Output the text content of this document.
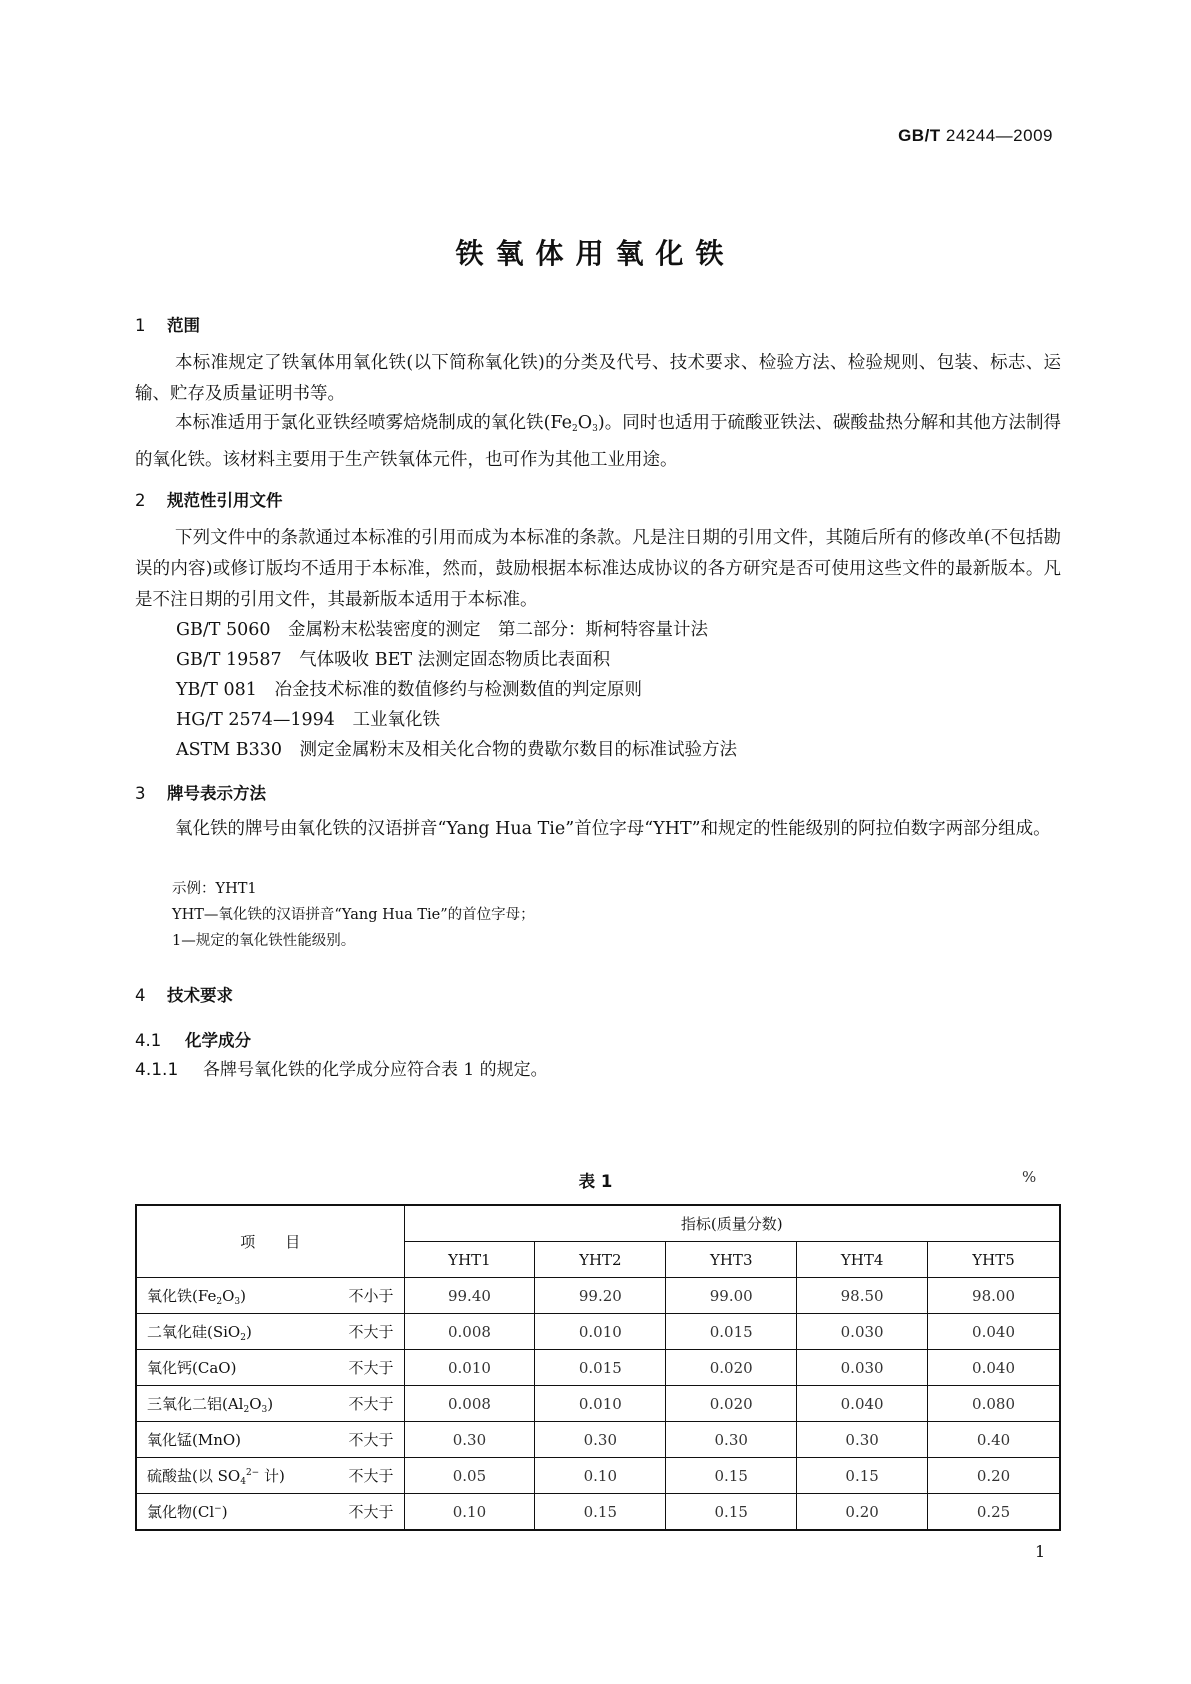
GB/T 24244—2009
铁氧体用氧化铁
1 范围
本标准规定了铁氧体用氧化铁(以下简称氧化铁)的分类及代号、技术要求、检验方法、检验规则、包装、标志、运输、贮存及质量证明书等。
本标准适用于氯化亚铁经喷雾焙烧制成的氧化铁$(Fe_2O_3)$。同时也适用于硫酸亚铁法、碳酸盐热分解和其他方法制得的氧化铁。该材料主要用于生产铁氧体元件，也可作为其他工业用途。
2 规范性引用文件
下列文件中的条款通过本标准的引用而成为本标准的条款。凡是注日期的引用文件，其随后所有的修改单(不包括勘误的内容)或修订版均不适用于本标准，然而，鼓励根据本标准达成协议的各方研究是否可使用这些文件的最新版本。凡是不注日期的引用文件，其最新版本适用于本标准。
GB/T 5060　金属粉末松装密度的测定　第二部分：斯柯特容量计法
GB/T 19587　气体吸收 BET 法测定固态物质比表面积
YB/T 081　冶金技术标准的数值修约与检测数值的判定原则
HG/T 2574—1994　工业氧化铁
ASTM B330　测定金属粉末及相关化合物的费歇尔数目的标准试验方法
3 牌号表示方法
氧化铁的牌号由氧化铁的汉语拼音“Yang Hua Tie”首位字母“YHT”和规定的性能级别的阿拉伯数字两部分组成。
示例：YHT1
YHT—氧化铁的汉语拼音“Yang Hua Tie”的首位字母；
1—规定的氧化铁性能级别。
4 技术要求
4.1 化学成分
4.1.1 各牌号氧化铁的化学成分应符合表 1 的规定。
表 1	%
项　　目	指标(质量分数)				
	YHT1	YHT2	YHT3	YHT4	YHT5
氧化铁$(Fe_2O_3)$ 不小于	99.40	99.20	99.00	98.50	98.00
二氧化硅(SiO$_2$) 不大于	0.008	0.010	0.015	0.030	0.040
氧化钙(CaO) 不大于	0.010	0.015	0.020	0.030	0.040
三氧化二铝$(Al_2O_3)$ 不大于	0.008	0.010	0.020	0.040	0.080
氧化锰(MnO) 不大于	0.30	0.30	0.30	0.30	0.40
硫酸盐(以 $SO_4^{2-}$ 计) 不大于	0.05	0.10	0.15	0.15	0.20
氯化物(Cl−) 不大于	0.10	0.15	0.15	0.20	0.25
1
